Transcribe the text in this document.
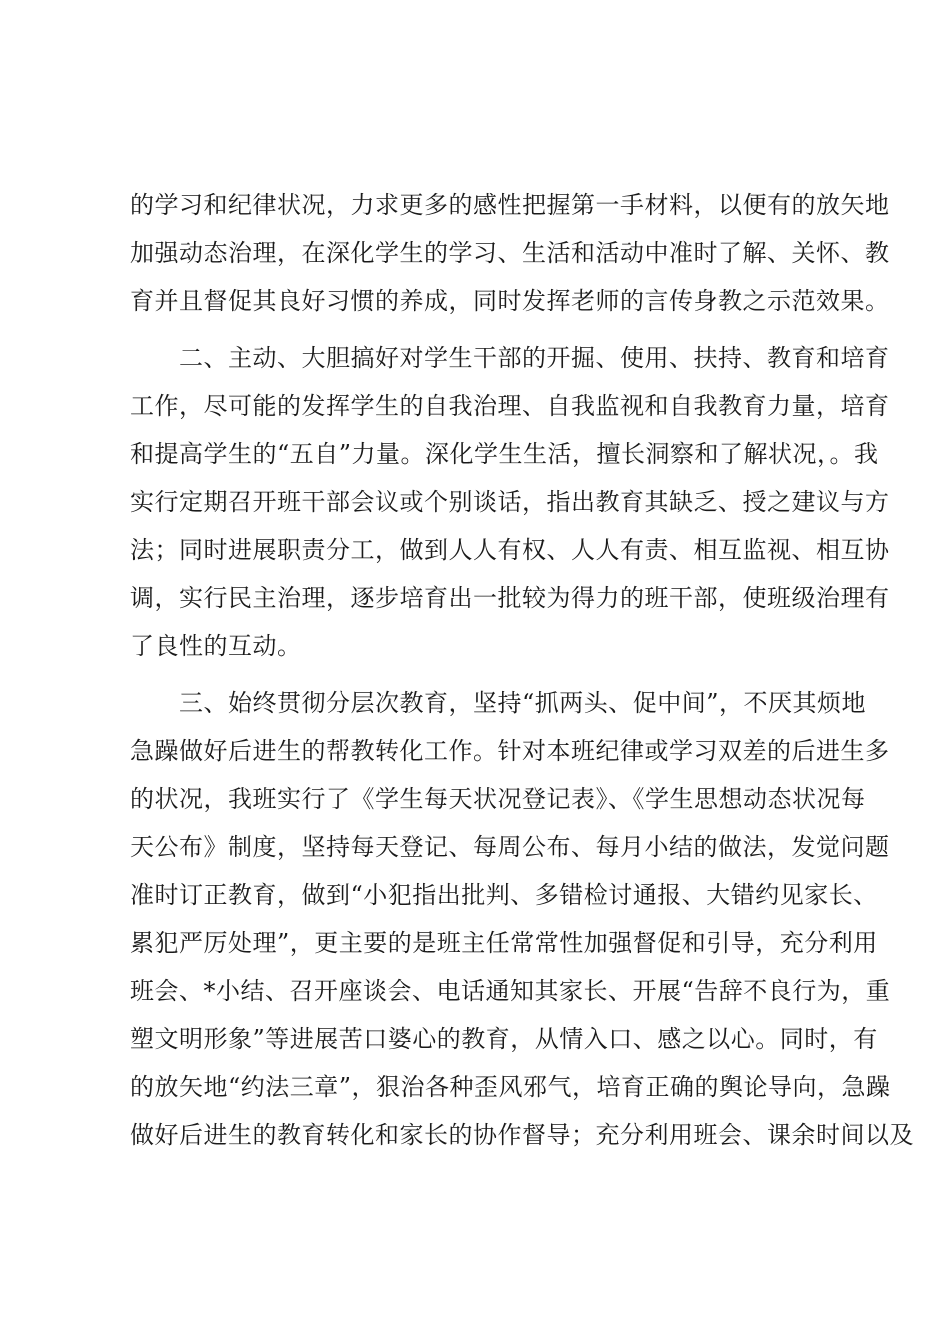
的学习和纪律状况，力求更多的感性把握第一手材料，以便有的放矢地
加强动态治理，在深化学生的学习、生活和活动中准时了解、关怀、教
育并且督促其良好习惯的养成，同时发挥老师的言传身教之示范效果。
　　二、主动、大胆搞好对学生干部的开掘、使用、扶持、教育和培育
工作，尽可能的发挥学生的自我治理、自我监视和自我教育力量，培育
和提高学生的“五自”力量。深化学生生活，擅长洞察和了解状况，。我
实行定期召开班干部会议或个别谈话，指出教育其缺乏、授之建议与方
法；同时进展职责分工，做到人人有权、人人有责、相互监视、相互协
调，实行民主治理，逐步培育出一批较为得力的班干部，使班级治理有
了良性的互动。
　　三、始终贯彻分层次教育，坚持“抓两头、促中间”，不厌其烦地
急躁做好后进生的帮教转化工作。针对本班纪律或学习双差的后进生多
的状况，我班实行了《学生每天状况登记表》、《学生思想动态状况每
天公布》制度，坚持每天登记、每周公布、每月小结的做法，发觉问题
准时订正教育，做到“小犯指出批判、多错检讨通报、大错约见家长、
累犯严厉处理”，更主要的是班主任常常性加强督促和引导，充分利用
班会、*小结、召开座谈会、电话通知其家长、开展“告辞不良行为，重
塑文明形象”等进展苦口婆心的教育，从情入口、感之以心。同时，有
的放矢地“约法三章”，狠治各种歪风邪气，培育正确的舆论导向，急躁
做好后进生的教育转化和家长的协作督导；充分利用班会、课余时间以及
